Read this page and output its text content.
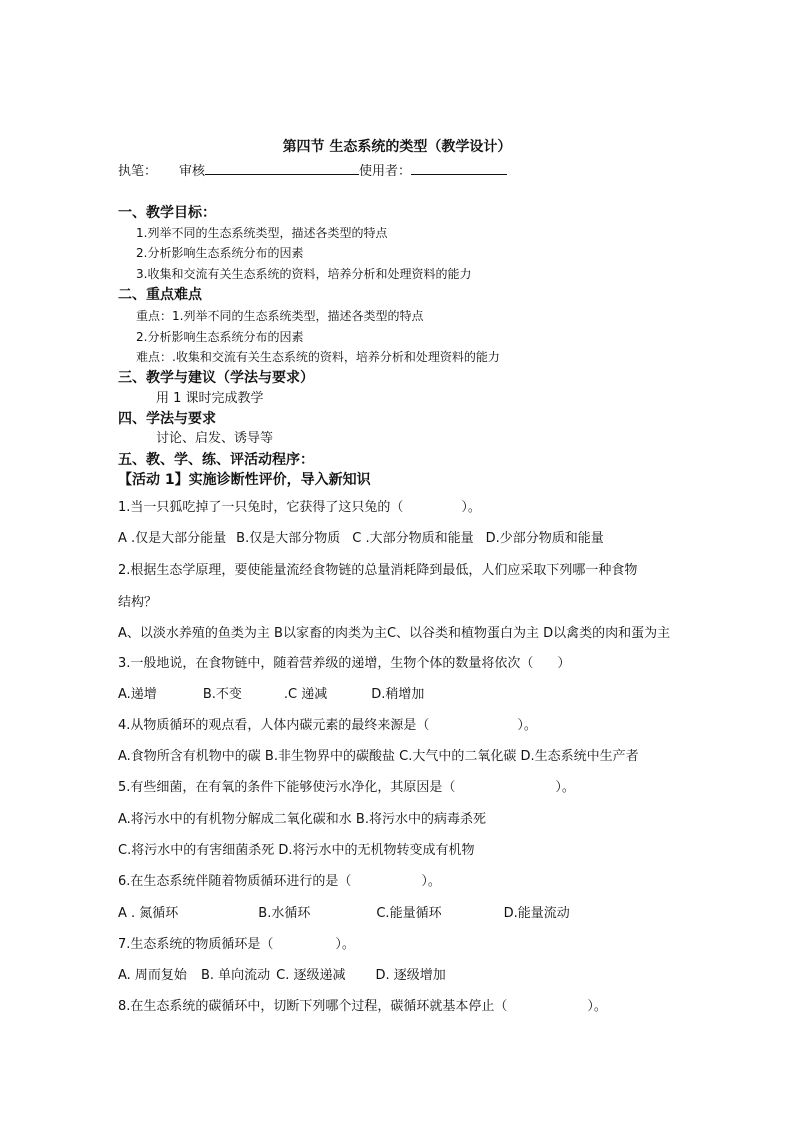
第四节 生态系统的类型（教学设计）
执笔： 审核	使用者：
一、教学目标：
1.列举不同的生态系统类型，描述各类型的特点
2.分析影响生态系统分布的因素
3.收集和交流有关生态系统的资料，培养分析和处理资料的能力
二、重点难点
重点：1.列举不同的生态系统类型，描述各类型的特点
2.分析影响生态系统分布的因素
难点：.收集和交流有关生态系统的资料，培养分析和处理资料的能力
三、教学与建议（学法与要求）
用 1 课时完成教学
四、学法与要求
讨论、启发、诱导等
五、教、学、练、评活动程序：
【活动 1】实施诊断性评价，导入新知识
1.当一只狐吃掉了一只兔时，它获得了这只兔的（	）。
A .仅是大部分能量 B.仅是大部分物质 C .大部分物质和能量 D.少部分物质和能量
2.根据生态学原理，要使能量流经食物链的总量消耗降到最低，人们应采取下列哪一种食物
结构？
A、以淡水养殖的鱼类为主 B以家畜的肉类为主C、以谷类和植物蛋白为主 D以禽类的肉和蛋为主
3.一般地说，在食物链中，随着营养级的递增，生物个体的数量将依次（ ）
A.递增	B.不变	.C 递减	D.稍增加
4.从物质循环的观点看，人体内碳元素的最终来源是（	）。
A.食物所含有机物中的碳 B.非生物界中的碳酸盐 C.大气中的二氧化碳 D.生态系统中生产者
5.有些细菌，在有氧的条件下能够使污水净化，其原因是（	）。
A.将污水中的有机物分解成二氧化碳和水 B.将污水中的病毒杀死
C.将污水中的有害细菌杀死 D.将污水中的无机物转变成有机物
6.在生态系统伴随着物质循环进行的是（	）。
A . 氮循环	B.水循环	C.能量循环	D.能量流动
7.生态系统的物质循环是（	）。
A. 周而复始 B. 单向流动 C. 逐级递减 D. 逐级增加
8.在生态系统的碳循环中，切断下列哪个过程，碳循环就基本停止（	）。
